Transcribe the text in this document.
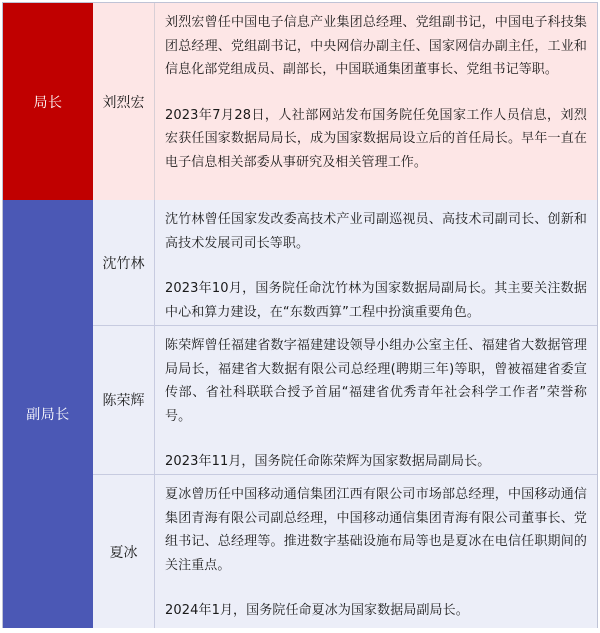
局长	刘烈宏

刘烈宏曾任中国电子信息产业集团总经理、党组副书记，中国电子科技集团总经理、党组副书记，中央网信办副主任、国家网信办副主任，工业和信息化部党组成员、副部长，中国联通集团董事长、党组书记等职。

2023年7月28日，人社部网站发布国务院任免国家工作人员信息，刘烈宏获任国家数据局局长，成为国家数据局设立后的首任局长。早年一直在电子信息相关部委从事研究及相关管理工作。

副局长
沈竹林

沈竹林曾任国家发改委高技术产业司副巡视员、高技术司副司长、创新和高技术发展司司长等职。

2023年10月，国务院任命沈竹林为国家数据局副局长。其主要关注数据中心和算力建设，在“东数西算”工程中扮演重要角色。

陈荣辉

陈荣辉曾任福建省数字福建建设领导小组办公室主任、福建省大数据管理局局长，福建省大数据有限公司总经理(聘期三年)等职，曾被福建省委宣传部、省社科联联合授予首届“福建省优秀青年社会科学工作者”荣誉称号。

2023年11月，国务院任命陈荣辉为国家数据局副局长。

夏冰

夏冰曾历任中国移动通信集团江西有限公司市场部总经理，中国移动通信集团青海有限公司副总经理，中国移动通信集团青海有限公司董事长、党组书记、总经理等。推进数字基础设施布局等也是夏冰在电信任职期间的关注重点。

2024年1月，国务院任命夏冰为国家数据局副局长。
